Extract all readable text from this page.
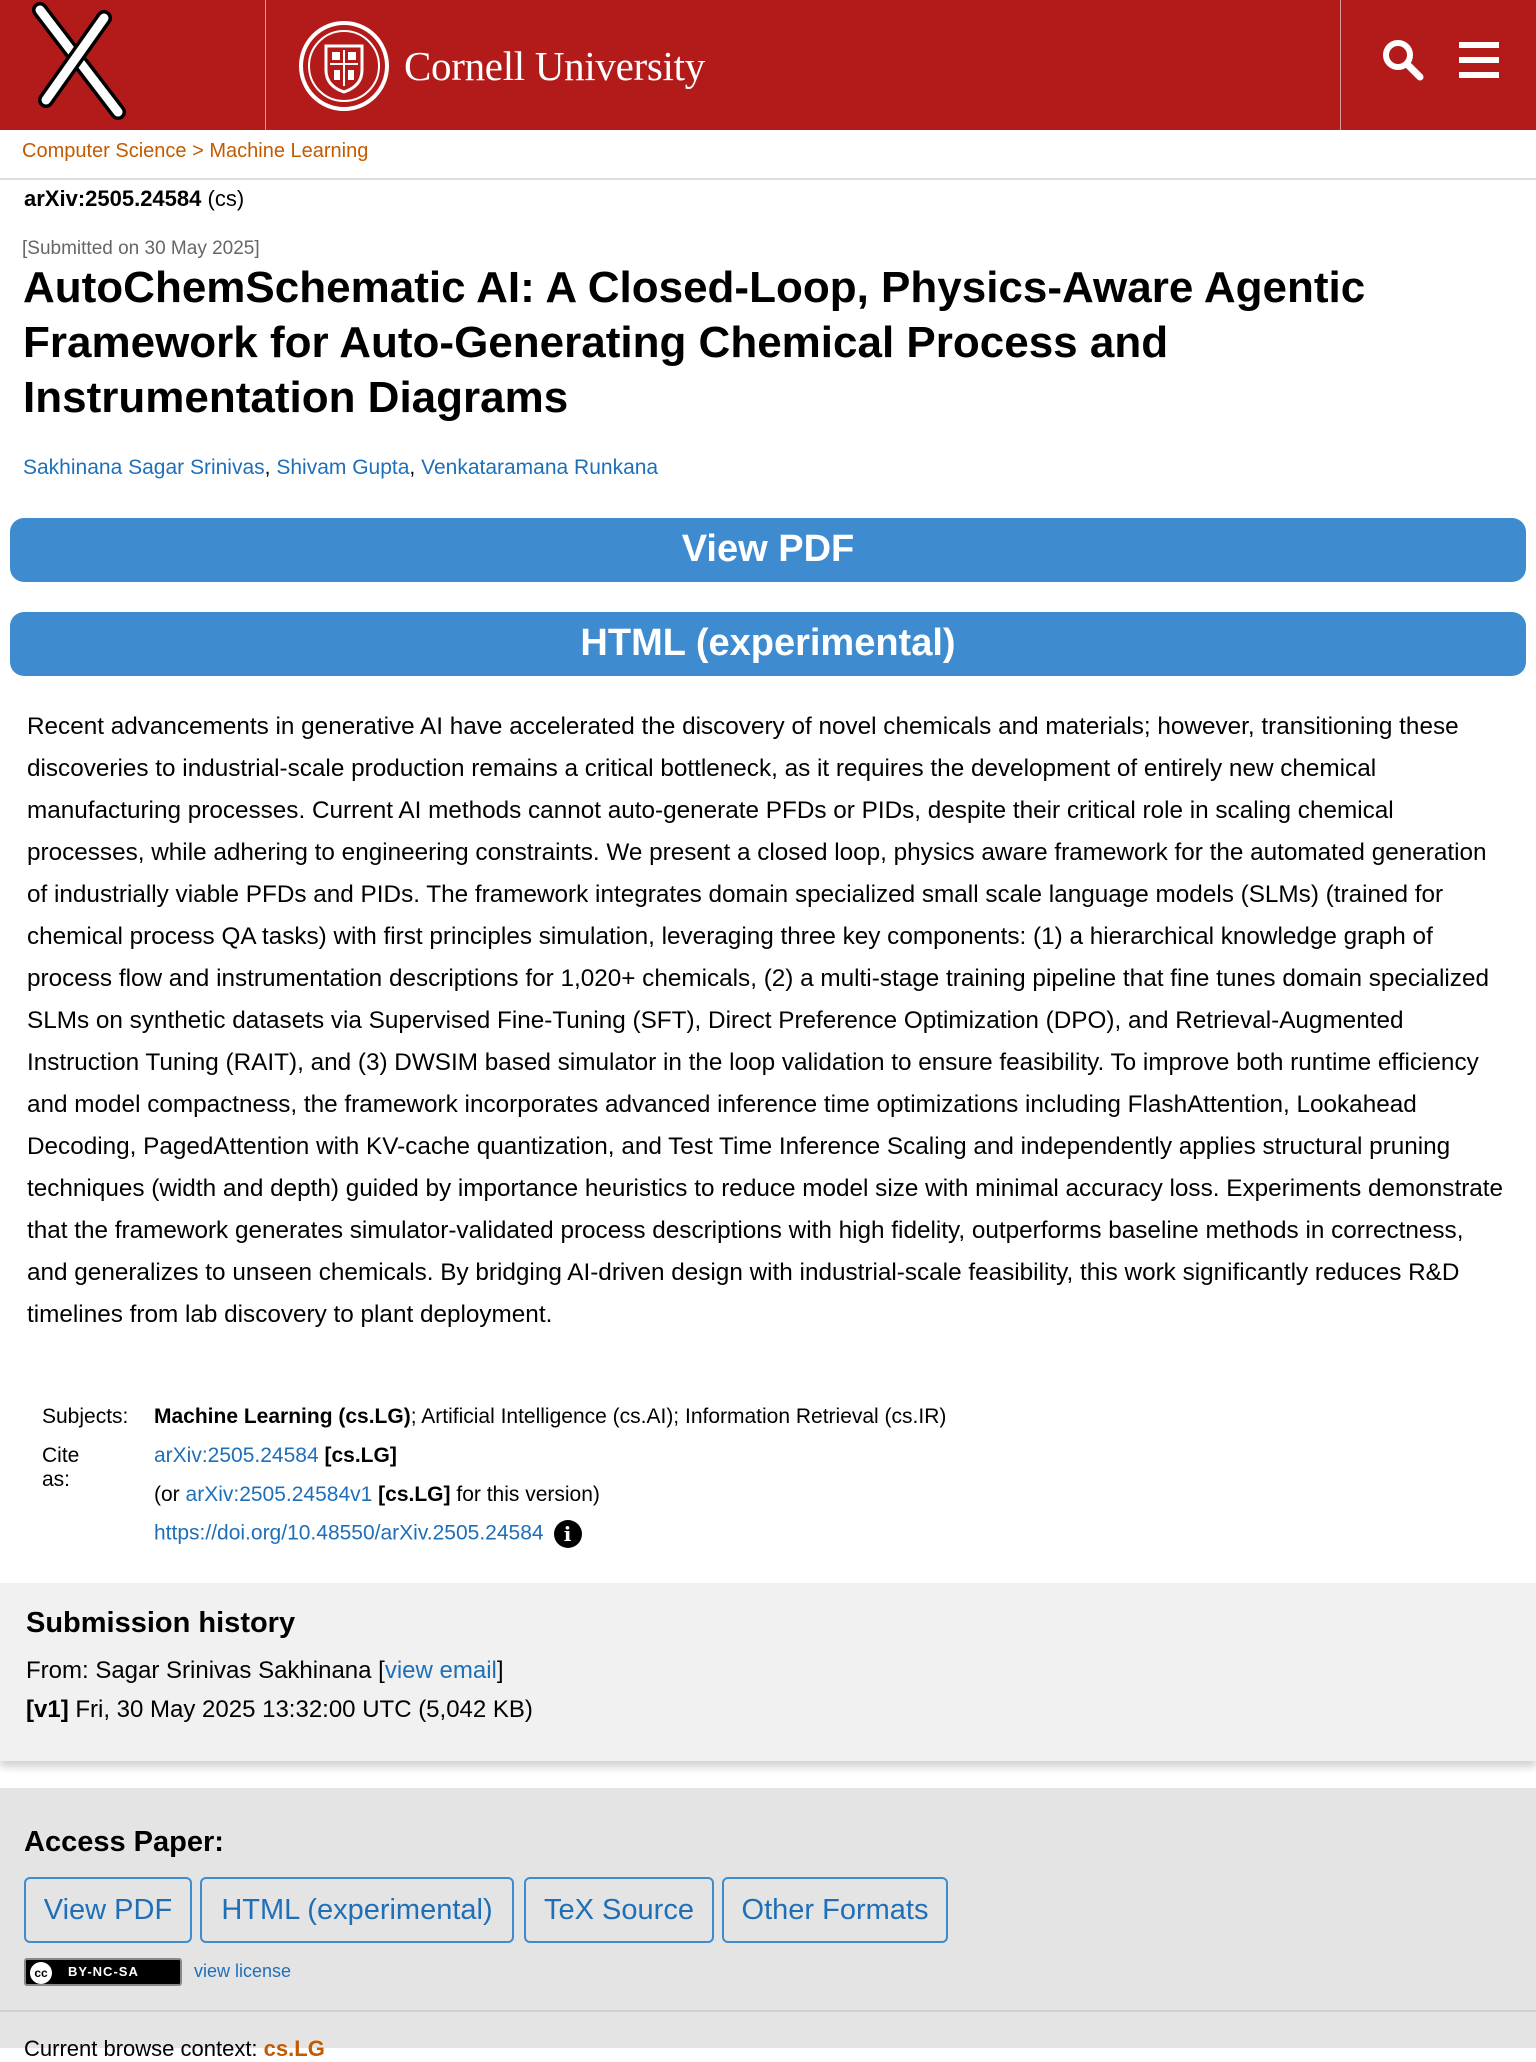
Cornell University
Computer Science > Machine Learning
arXiv:2505.24584 (cs)
[Submitted on 30 May 2025]
AutoChemSchematic AI: A Closed-Loop, Physics-Aware Agentic Framework for Auto-Generating Chemical Process and Instrumentation Diagrams
Sakhinana Sagar Srinivas, Shivam Gupta, Venkataramana Runkana
View PDF
HTML (experimental)

Recent advancements in generative AI have accelerated the discovery of novel chemicals and materials; however, transitioning these discoveries to industrial-scale production remains a critical bottleneck, as it requires the development of entirely new chemical manufacturing processes. Current AI methods cannot auto-generate PFDs or PIDs, despite their critical role in scaling chemical processes, while adhering to engineering constraints. We present a closed loop, physics aware framework for the automated generation of industrially viable PFDs and PIDs. The framework integrates domain specialized small scale language models (SLMs) (trained for chemical process QA tasks) with first principles simulation, leveraging three key components: (1) a hierarchical knowledge graph of process flow and instrumentation descriptions for 1,020+ chemicals, (2) a multi-stage training pipeline that fine tunes domain specialized SLMs on synthetic datasets via Supervised Fine-Tuning (SFT), Direct Preference Optimization (DPO), and Retrieval-Augmented Instruction Tuning (RAIT), and (3) DWSIM based simulator in the loop validation to ensure feasibility. To improve both runtime efficiency and model compactness, the framework incorporates advanced inference time optimizations including FlashAttention, Lookahead Decoding, PagedAttention with KV-cache quantization, and Test Time Inference Scaling and independently applies structural pruning techniques (width and depth) guided by importance heuristics to reduce model size with minimal accuracy loss. Experiments demonstrate that the framework generates simulator-validated process descriptions with high fidelity, outperforms baseline methods in correctness, and generalizes to unseen chemicals. By bridging AI-driven design with industrial-scale feasibility, this work significantly reduces R&D timelines from lab discovery to plant deployment.

Subjects: Machine Learning (cs.LG); Artificial Intelligence (cs.AI); Information Retrieval (cs.IR)
Cite as:
arXiv:2505.24584 [cs.LG]
(or arXiv:2505.24584v1 [cs.LG] for this version)
https://doi.org/10.48550/arXiv.2505.24584 i
Submission history
From: Sagar Srinivas Sakhinana [view email]
[v1] Fri, 30 May 2025 13:32:00 UTC (5,042 KB)
Access Paper:
View PDF	HTML (experimental)	TeX Source	Other Formats
cc	BY-NC-SA	view license
Current browse context: cs.LG
